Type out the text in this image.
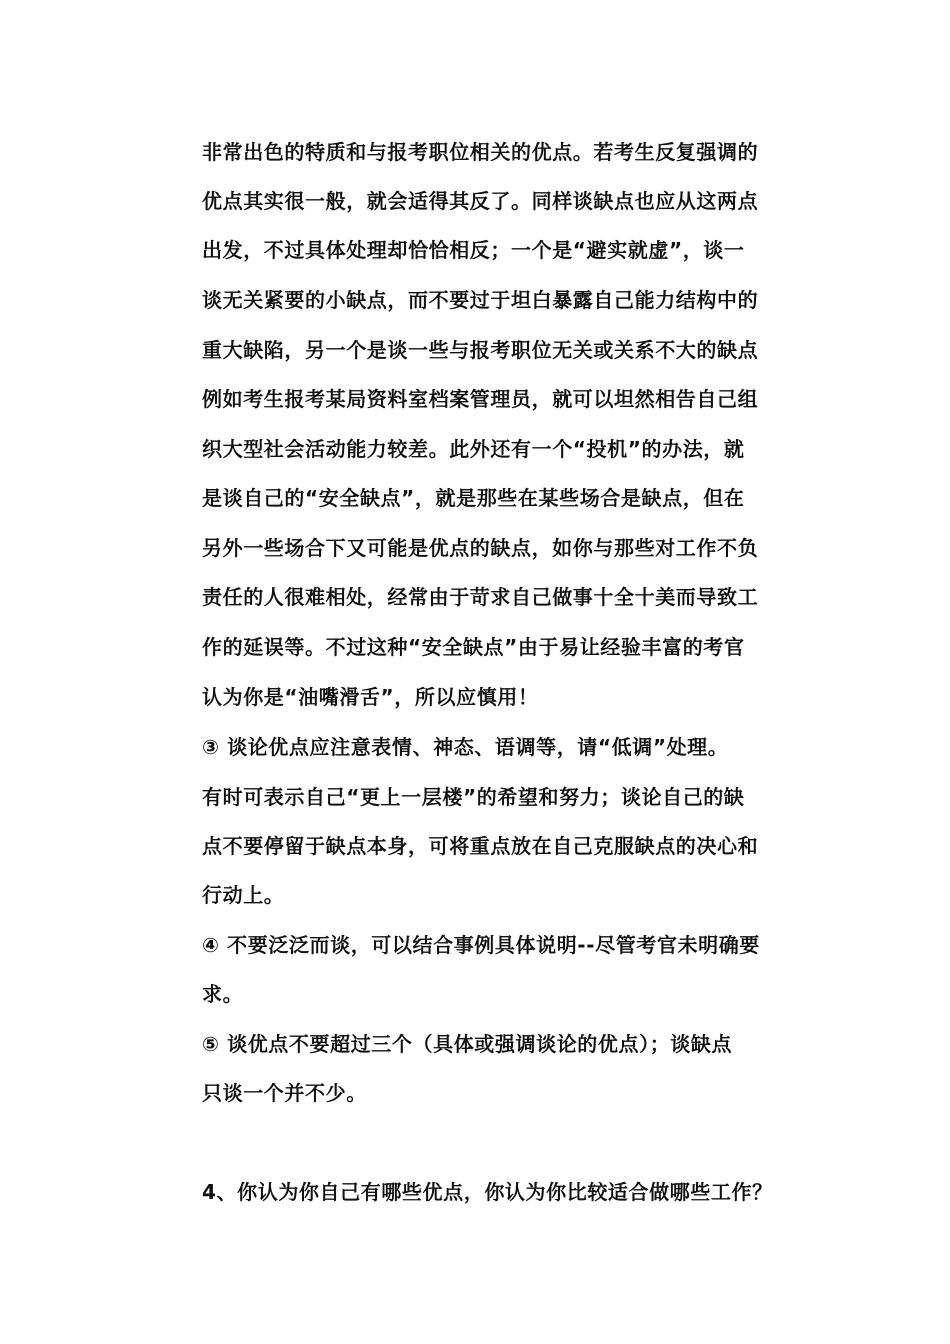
非常出色的特质和与报考职位相关的优点。若考生反复强调的
优点其实很一般，就会适得其反了。同样谈缺点也应从这两点
出发，不过具体处理却恰恰相反；一个是“避实就虚”，谈一
谈无关紧要的小缺点，而不要过于坦白暴露自己能力结构中的
重大缺陷，另一个是谈一些与报考职位无关或关系不大的缺点
例如考生报考某局资料室档案管理员，就可以坦然相告自己组
织大型社会活动能力较差。此外还有一个“投机”的办法，就
是谈自己的“安全缺点”，就是那些在某些场合是缺点，但在
另外一些场合下又可能是优点的缺点，如你与那些对工作不负
责任的人很难相处，经常由于苛求自己做事十全十美而导致工
作的延误等。不过这种“安全缺点”由于易让经验丰富的考官
认为你是“油嘴滑舌”，所以应慎用！
③ 谈论优点应注意表情、神态、语调等，请“低调”处理。
有时可表示自己“更上一层楼”的希望和努力；谈论自己的缺
点不要停留于缺点本身，可将重点放在自己克服缺点的决心和
行动上。
④ 不要泛泛而谈，可以结合事例具体说明--尽管考官未明确要
求。
⑤ 谈优点不要超过三个（具体或强调谈论的优点）；谈缺点
只谈一个并不少。
4、你认为你自己有哪些优点，你认为你比较适合做哪些工作？
